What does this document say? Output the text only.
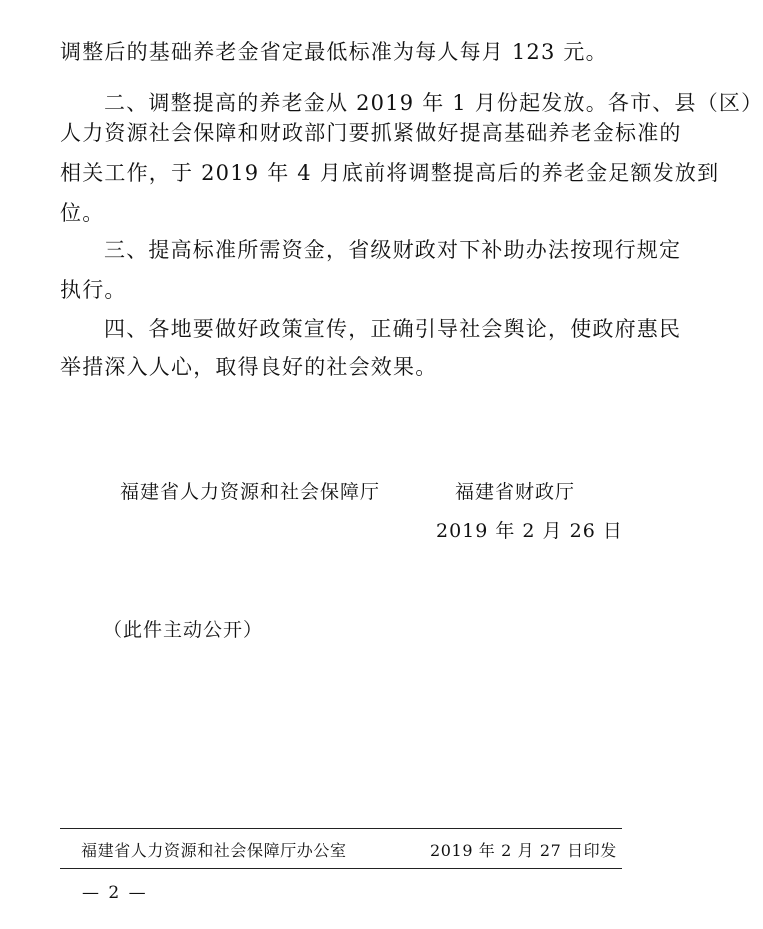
调整后的基础养老金省定最低标准为每人每月 123 元。
二、调整提高的养老金从 2019 年 1 月份起发放。各市、县（区）
人力资源社会保障和财政部门要抓紧做好提高基础养老金标准的
相关工作，于 2019 年 4 月底前将调整提高后的养老金足额发放到
位。
三、提高标准所需资金，省级财政对下补助办法按现行规定
执行。
四、各地要做好政策宣传，正确引导社会舆论，使政府惠民
举措深入人心，取得良好的社会效果。
福建省人力资源和社会保障厅	福建省财政厅
2019 年 2 月 26 日
（此件主动公开）
福建省人力资源和社会保障厅办公室	2019 年 2 月 27 日印发
— 2 —
